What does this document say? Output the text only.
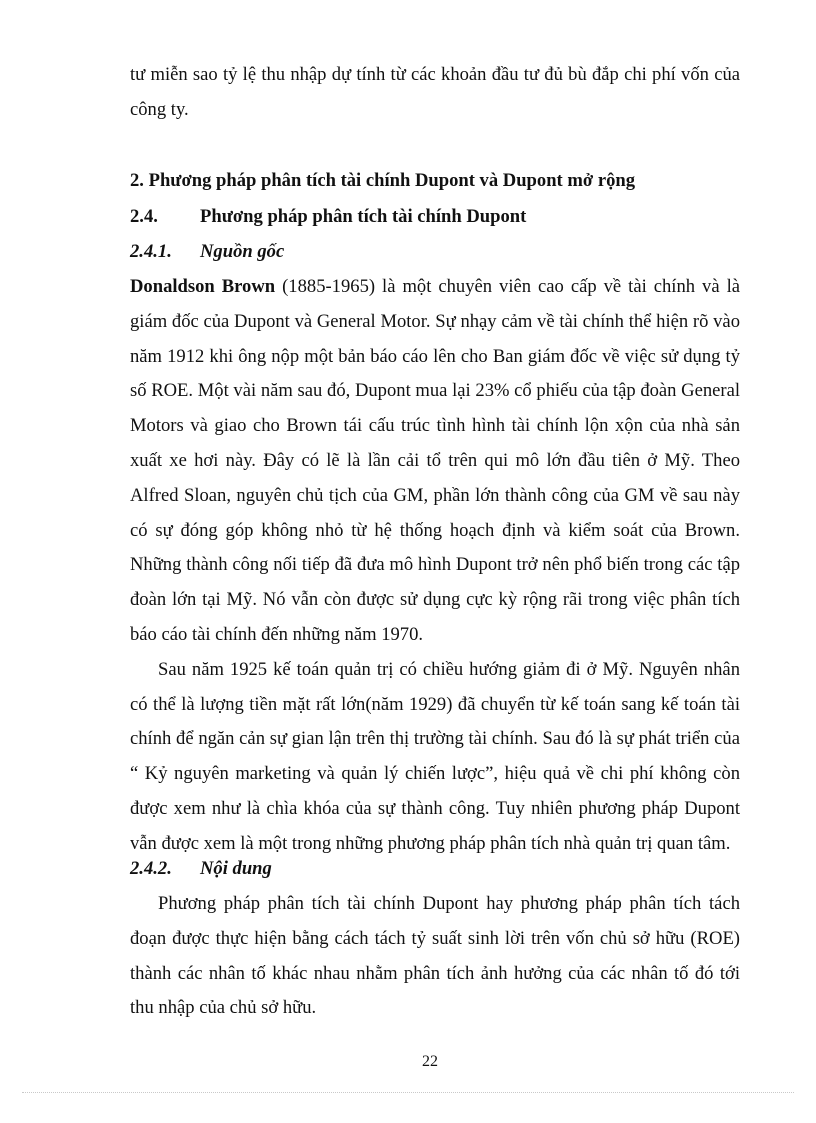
tư miễn sao tỷ lệ thu nhập dự tính từ các khoản đầu tư đủ bù đắp chi phí vốn của công ty.

2. Phương pháp phân tích tài chính Dupont và Dupont mở rộng
2.4. Phương pháp phân tích tài chính Dupont
2.4.1. Nguồn gốc

Donaldson Brown (1885-1965) là một chuyên viên cao cấp về tài chính và là giám đốc của Dupont và General Motor. Sự nhạy cảm về tài chính thể hiện rõ vào năm 1912 khi ông nộp một bản báo cáo lên cho Ban giám đốc về việc sử dụng tỷ số ROE. Một vài năm sau đó, Dupont mua lại 23% cổ phiếu của tập đoàn General Motors và giao cho Brown tái cấu trúc tình hình tài chính lộn xộn của nhà sản xuất xe hơi này. Đây có lẽ là lần cải tổ trên qui mô lớn đầu tiên ở Mỹ. Theo Alfred Sloan, nguyên chủ tịch của GM, phần lớn thành công của GM về sau này có sự đóng góp không nhỏ từ hệ thống hoạch định và kiểm soát của Brown. Những thành công nối tiếp đã đưa mô hình Dupont trở nên phổ biến trong các tập đoàn lớn tại Mỹ. Nó vẫn còn được sử dụng cực kỳ rộng rãi trong việc phân tích báo cáo tài chính đến những năm 1970.

Sau năm 1925 kế toán quản trị có chiều hướng giảm đi ở Mỹ. Nguyên nhân có thể là lượng tiền mặt rất lớn(năm 1929) đã chuyển từ kế toán sang kế toán tài chính để ngăn cản sự gian lận trên thị trường tài chính. Sau đó là sự phát triển của “ Kỷ nguyên marketing và quản lý chiến lược”, hiệu quả về chi phí không còn được xem như là chìa khóa của sự thành công. Tuy nhiên phương pháp Dupont vẫn được xem là một trong những phương pháp phân tích nhà quản trị quan tâm.

2.4.2. Nội dung

Phương pháp phân tích tài chính Dupont hay phương pháp phân tích tách đoạn được thực hiện bằng cách tách tỷ suất sinh lời trên vốn chủ sở hữu (ROE) thành các nhân tố khác nhau nhằm phân tích ảnh hưởng của các nhân tố đó tới thu nhập của chủ sở hữu.

22
